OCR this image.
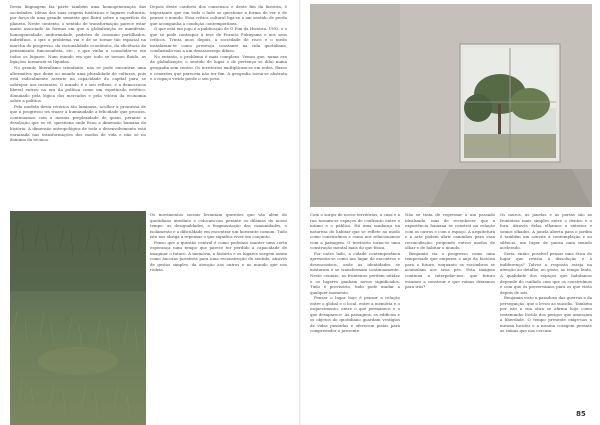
Desta linguagem faz parte também uma homogeneização das sociedades. Ideias das suas origens históricas e lugares culturais, por força de uma grande semente que fluirá sobre a superfície do planeta. Neste contexto, o sentido de transformação parece estar muito associado às formas em que a globalização se manifesta: homogeneidade, uniformidade, padrões de consumo partilhados, indivíduos, o que o problema vai e de se tornar tão espacial na marcha do progresso, da racionalidade econômica, da eficiência do pensamento funcionalista, etc., e que vinha a consolidar-se em todos os lugares. Num mundo em que todo se tornou fluido, as ligações tornaram-se líquidas.

No grande liberalismo triunfante, não se pode encontrar uma alternativa que deixe ao mundo uma pluralidade de culturas, pois está radicalmente assente na capacidade do capital para se sobrepor aos restantes. O mundo é o seu reflexo, e a democracia liberal entrou na era da política como um espetáculo estético, dominado pela lógica dos mercados e pela vitória da economia sobre a política.

Pela medida desta retórica tão luminosa, acolher a promessa de que o progresso irá trazer à humanidade a felicidade que procura, continuamos com a mesma perplexidade de quem, perante a desolação que se vê, questiona onde ficou a dimensão humana da história. A dimensão antropológica de todo o desenvolvimento está enraizada nas transformações dos modos de vida e não só no domínio da técnica.

Depois deste conforto dos consensos e deste fim da história, é importante que em todo o lado se questione a forma de ver e de pensar o mundo. Essa crítica cultural liga-se a um sentido de perda que acompanha a condição contemporânea.

O que está em jogo é a publicação de O Fim da História, 1992, e o que se pode contrapor à tese de Francis Fukuyama e aos seus críticos. Trinta anos depois, a sociedade de risco e o medo instalaram-se como presença constante na vida quotidiana, conduzindo-nos a um desassossego difuso.

No entanto, o problema é mais complexo. Vemos que, numa era de globalização, o sentido de lugar e de pertença se dilui numa geografia sem centro. Os territórios multiplicam-se em redes, fluxos e conexões que parecem não ter fim. A geografia torna-se abstrata e o espaço vivido perde o seu peso.

Os movimentos sociais levantam questões que vão além do quotidiano imediato e colocam-nos perante os dilemas do nosso tempo: as desigualdades, a fragmentação das comunidades, o isolamento e a dificuldade em encontrar um horizonte comum. Tudo isto nos obriga a repensar o que significa viver em conjunto.

Penso que a questão central é como podemos manter uma certa esperança num tempo que parece ter perdido a capacidade de imaginar o futuro. A memória, a história e os lugares surgem assim como âncoras possíveis para uma reconstrução do sentido, através de gestos simples, da atenção aos outros e ao mundo que nos rodeia.

Com o surgir de novos territórios, a casa e a rua tornam-se espaços de confronto entre o íntimo e o público. Há uma mudança na natureza do habitar que se reflete no modo como construímos e como nos relacionamos com a paisagem. O território torna-se uma construção mental mais do que física.

Por outro lado, a cidade contemporânea apresenta-se como um lugar de encontros e desencontros, onde as identidades se misturam e se transformam continuamente. Neste cenário, as fronteiras perdem nitidez e os lugares ganham novos significados. Tudo é provisório, tudo pode mudar a qualquer momento.

Pensar o lugar hoje é pensar a relação entre o global e o local, entre a memória e o esquecimento, entre o que permanece e o que desaparece. As paisagens, os edifícios e os objetos do quotidiano guardam vestígios de vidas passadas e oferecem pistas para compreender o presente.

Não se trata de regressar a um passado idealizado, mas de reconhecer que a experiência humana se constrói na relação com os outros e com o espaço. A arquitetura e a arte podem abrir caminhos para essa reconciliação, propondo outros modos de olhar e de habitar o mundo.

Benjamin via o progresso como uma tempestade que empurra o anjo da história para o futuro, enquanto os escombros se acumulam aos seus pés. Esta imagem continua a interpelar-nos: que futuro estamos a construir e que ruínas deixamos para trás?

Os muros, as janelas e as portas são as fronteiras mais simples entre o dentro e o fora. Através delas olhamos o exterior e somos olhados. A janela aberta para o jardim é também um convite à contemplação e ao silêncio, um lugar de pausa num mundo acelerado.

Seria, então, possível pensar uma ética do lugar que resista à dissolução e à indiferença? Talvez a resposta esteja na atenção ao detalhe, ao gesto, ao tempo lento. A qualidade dos espaços que habitamos depende do cuidado com que os construímos e com que os preservamos para os que virão depois de nós.

Benjamin visto a paradoxo das guerras e da perseguição, que o levou ao suicídio. Também por isto a sua obra se afirma hoje como testemunho lúcido dos perigos que ameaçam a liberdade. O tempo presente exige-nos a mesma lucidez e a mesma coragem perante as ruínas que nos cercam.

85
